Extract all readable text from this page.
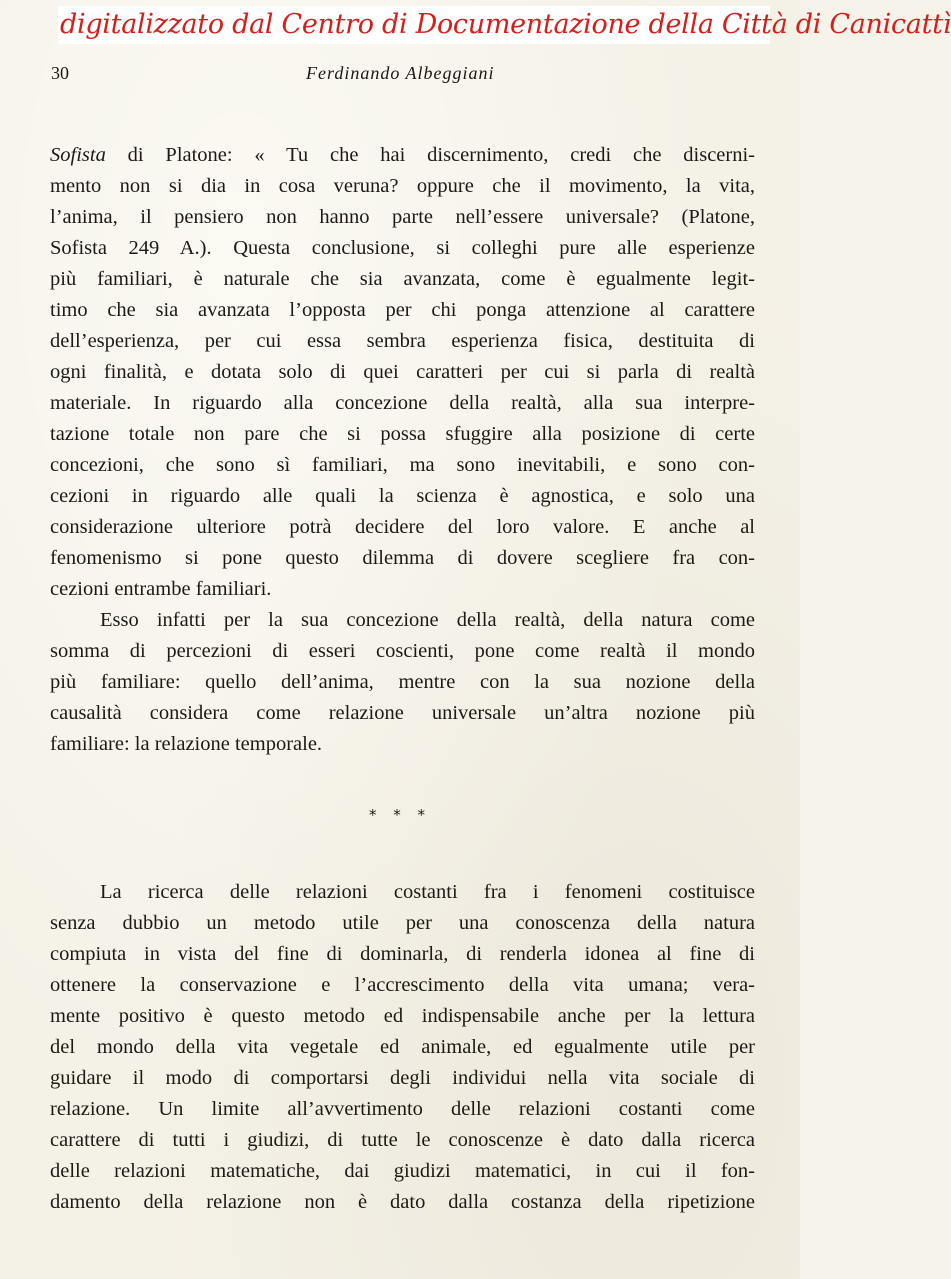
digitalizzato dal Centro di Documentazione della Città di Canicattì
30	Ferdinando Albeggiani
Sofista di Platone: « Tu che hai discernimento, credi che discerni-
mento non si dia in cosa veruna? oppure che il movimento, la vita,
l’anima, il pensiero non hanno parte nell’essere universale? (Platone,
Sofista 249 A.). Questa conclusione, si colleghi pure alle esperienze
più familiari, è naturale che sia avanzata, come è egualmente legit-
timo che sia avanzata l’opposta per chi ponga attenzione al carattere
dell’esperienza, per cui essa sembra esperienza fisica, destituita di
ogni finalità, e dotata solo di quei caratteri per cui si parla di realtà
materiale. In riguardo alla concezione della realtà, alla sua interpre-
tazione totale non pare che si possa sfuggire alla posizione di certe
concezioni, che sono sì familiari, ma sono inevitabili, e sono con-
cezioni in riguardo alle quali la scienza è agnostica, e solo una
considerazione ulteriore potrà decidere del loro valore. E anche al
fenomenismo si pone questo dilemma di dovere scegliere fra con-
cezioni entrambe familiari.
Esso infatti per la sua concezione della realtà, della natura come
somma di percezioni di esseri coscienti, pone come realtà il mondo
più familiare: quello dell’anima, mentre con la sua nozione della
causalità considera come relazione universale un’altra nozione più
familiare: la relazione temporale.
* * *
La ricerca delle relazioni costanti fra i fenomeni costituisce
senza dubbio un metodo utile per una conoscenza della natura
compiuta in vista del fine di dominarla, di renderla idonea al fine di
ottenere la conservazione e l’accrescimento della vita umana; vera-
mente positivo è questo metodo ed indispensabile anche per la lettura
del mondo della vita vegetale ed animale, ed egualmente utile per
guidare il modo di comportarsi degli individui nella vita sociale di
relazione. Un limite all’avvertimento delle relazioni costanti come
carattere di tutti i giudizi, di tutte le conoscenze è dato dalla ricerca
delle relazioni matematiche, dai giudizi matematici, in cui il fon-
damento della relazione non è dato dalla costanza della ripetizione
